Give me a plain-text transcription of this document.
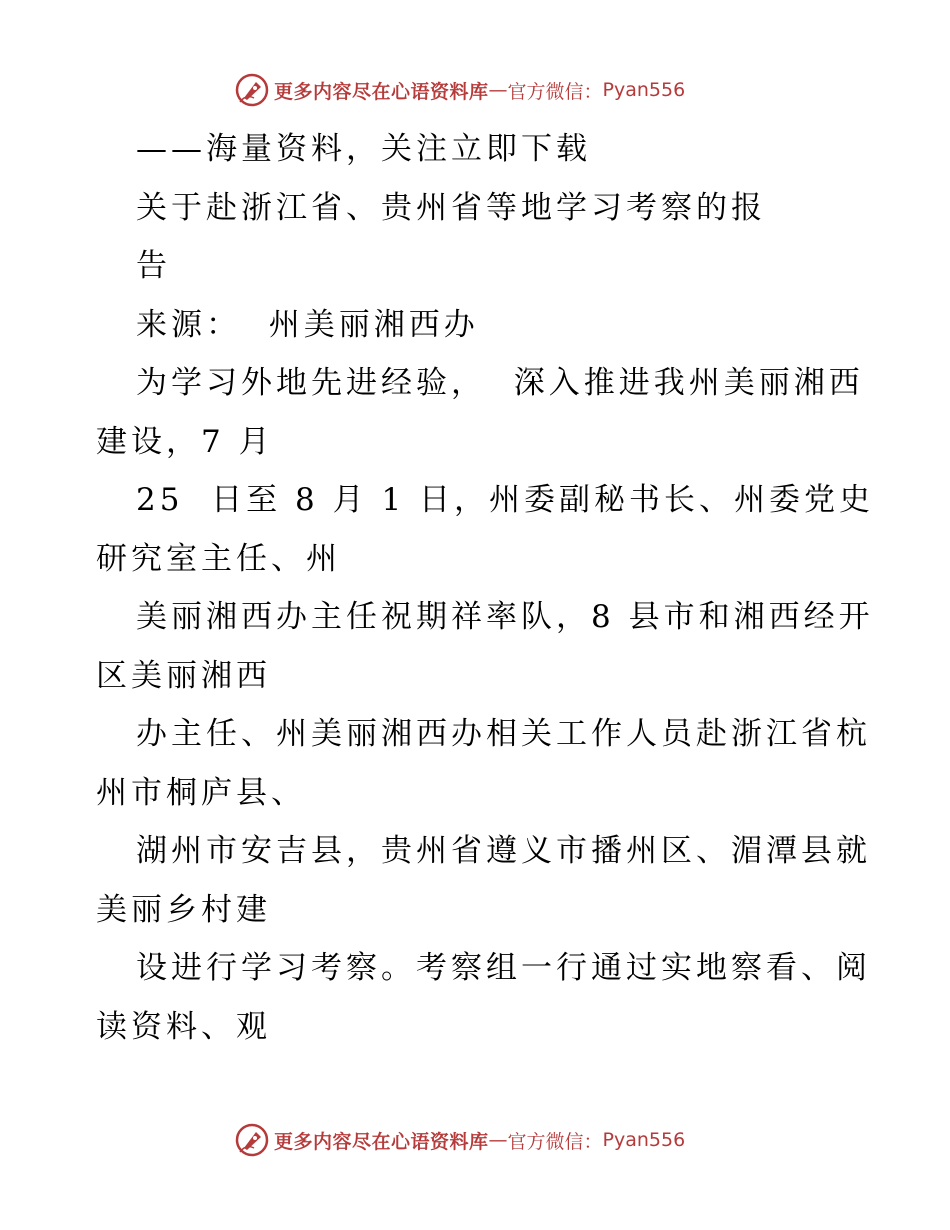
更多内容尽在心语资料库 — 官方微信： Pyan556
——海量资料，关注立即下载
关于赴浙江省、贵州省等地学习考察的报
告
来源：  州美丽湘西办
为学习外地先进经验，  深入推进我州美丽湘西
建设，7 月
25  日至 8 月 1 日，州委副秘书长、州委党史
研究室主任、州
美丽湘西办主任祝期祥率队，8 县市和湘西经开
区美丽湘西
办主任、州美丽湘西办相关工作人员赴浙江省杭
州市桐庐县、
湖州市安吉县，贵州省遵义市播州区、湄潭县就
美丽乡村建
设进行学习考察。考察组一行通过实地察看、阅
读资料、观
更多内容尽在心语资料库 — 官方微信： Pyan556
